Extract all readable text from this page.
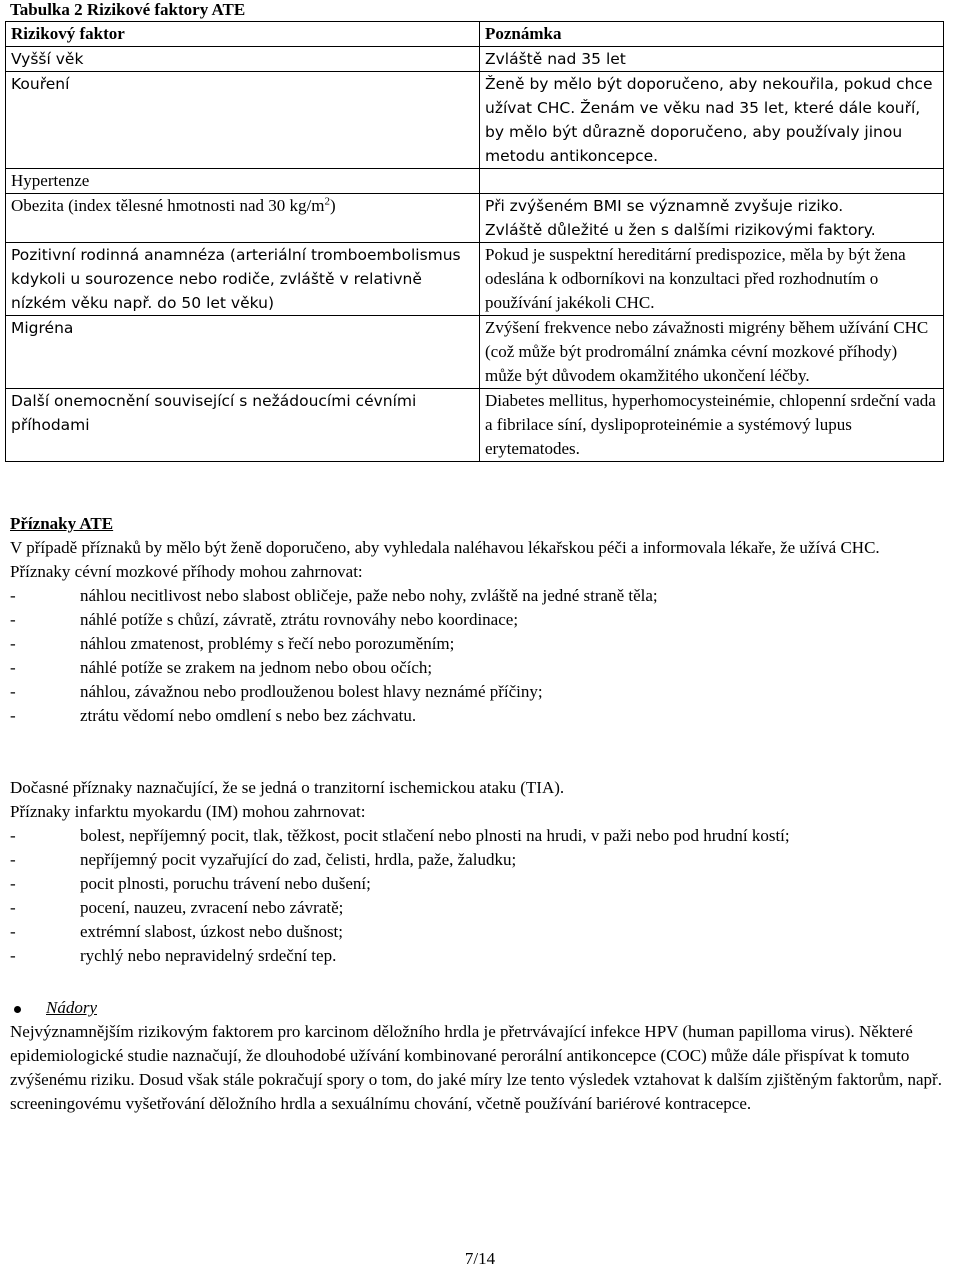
Tabulka 2 Rizikové faktory ATE
Rizikový faktor	Poznámka
Vyšší věk	Zvláště nad 35 let
Kouření	Ženě by mělo být doporučeno, aby nekouřila, pokud chce užívat CHC. Ženám ve věku nad 35 let, které dále kouří, by mělo být důrazně doporučeno, aby používaly jinou metodu antikoncepce.
Hypertenze	
Obezita (index tělesné hmotnosti nad 30 $kg/m^2$)	Při zvýšeném BMI se významně zvyšuje riziko.
Zvláště důležité u žen s dalšími rizikovými faktory.

Pozitivní rodinná anamnéza (arteriální tromboembolismus kdykoli u sourozence nebo rodiče, zvláště v relativně nízkém věku např. do 50 let věku)	Pokud je suspektní hereditární predispozice, měla by být žena odeslána k odborníkovi na konzultaci před rozhodnutím o používání jakékoli CHC.
Migréna	Zvýšení frekvence nebo závažnosti migrény během užívání CHC (což může být prodromální známka cévní mozkové příhody) může být důvodem okamžitého ukončení léčby.
Další onemocnění související s nežádoucími cévními příhodami	Diabetes mellitus, hyperhomocysteinémie, chlopenní srdeční vada a fibrilace síní, dyslipoproteinémie a systémový lupus erytematodes.
Příznaky ATE
V případě příznaků by mělo být ženě doporučeno, aby vyhledala naléhavou lékařskou péči a informovala lékaře, že užívá CHC.
Příznaky cévní mozkové příhody mohou zahrnovat:
-	náhlou necitlivost nebo slabost obličeje, paže nebo nohy, zvláště na jedné straně těla;
-	náhlé potíže s chůzí, závratě, ztrátu rovnováhy nebo koordinace;
-	náhlou zmatenost, problémy s řečí nebo porozuměním;
-	náhlé potíže se zrakem na jednom nebo obou očích;
-	náhlou, závažnou nebo prodlouženou bolest hlavy neznámé příčiny;
-	ztrátu vědomí nebo omdlení s nebo bez záchvatu.
Dočasné příznaky naznačující, že se jedná o tranzitorní ischemickou ataku (TIA).
Příznaky infarktu myokardu (IM) mohou zahrnovat:
-	bolest, nepříjemný pocit, tlak, těžkost, pocit stlačení nebo plnosti na hrudi, v paži nebo pod hrudní kostí;
-	nepříjemný pocit vyzařující do zad, čelisti, hrdla, paže, žaludku;
-	pocit plnosti, poruchu trávení nebo dušení;
-	pocení, nauzeu, zvracení nebo závratě;
-	extrémní slabost, úzkost nebo dušnost;
-	rychlý nebo nepravidelný srdeční tep.
Nádory
Nejvýznamnějším rizikovým faktorem pro karcinom děložního hrdla je přetrvávající infekce HPV (human papilloma virus). Některé epidemiologické studie naznačují, že dlouhodobé užívání kombinované perorální antikoncepce (COC) může dále přispívat k tomuto zvýšenému riziku. Dosud však stále pokračují spory o tom, do jaké míry lze tento výsledek vztahovat k dalším zjištěným faktorům, např. screeningovému vyšetřování děložního hrdla a sexuálnímu chování, včetně používání bariérové kontracepce.
7/14
